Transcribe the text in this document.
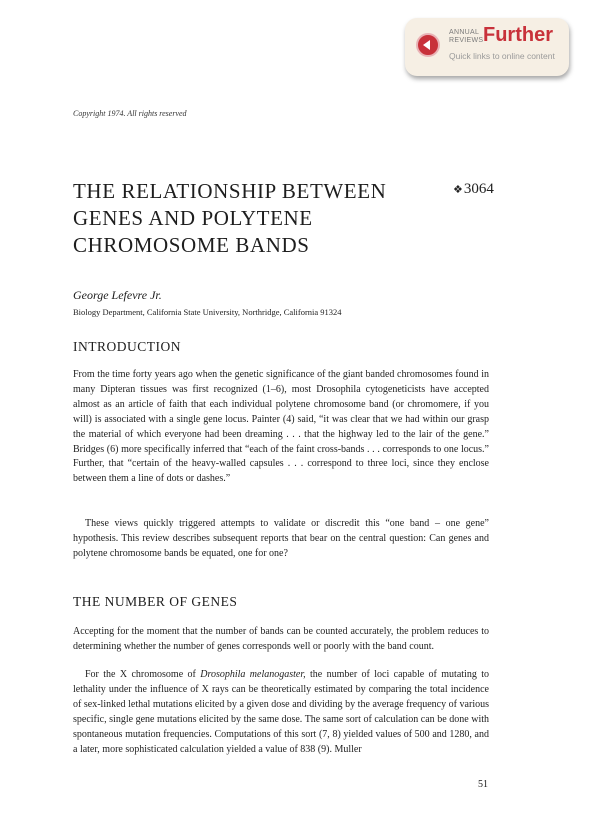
ANNUAL
REVIEWS Further
Quick links to online content
Copyright 1974. All rights reserved
THE RELATIONSHIP BETWEEN GENES AND POLYTENE CHROMOSOME BANDS
❖3064
George Lefevre Jr.
Biology Department, California State University, Northridge, California 91324
INTRODUCTION

From the time forty years ago when the genetic significance of the giant banded chromosomes found in many Dipteran tissues was first recognized (1–6), most Drosophila cytogeneticists have accepted almost as an article of faith that each individual polytene chromosome band (or chromomere, if you will) is associated with a single gene locus. Painter (4) said, “it was clear that we had within our grasp the material of which everyone had been dreaming . . . that the highway led to the lair of the gene.” Bridges (6) more specifically inferred that “each of the faint cross-bands . . . corresponds to one locus.” Further, that “certain of the heavy-walled capsules . . . correspond to three loci, since they enclose between them a line of dots or dashes.”

These views quickly triggered attempts to validate or discredit this “one band – one gene” hypothesis. This review describes subsequent reports that bear on the central question: Can genes and polytene chromosome bands be equated, one for one?

THE NUMBER OF GENES

Accepting for the moment that the number of bands can be counted accurately, the problem reduces to determining whether the number of genes corresponds well or poorly with the band count.

For the X chromosome of Drosophila melanogaster, the number of loci capable of mutating to lethality under the influence of X rays can be theoretically estimated by comparing the total incidence of sex-linked lethal mutations elicited by a given dose and dividing by the average frequency of various specific, single gene mutations elicited by the same dose. The same sort of calculation can be done with spontaneous mutation frequencies. Computations of this sort (7, 8) yielded values of 500 and 1280, and a later, more sophisticated calculation yielded a value of 838 (9). Muller

51
